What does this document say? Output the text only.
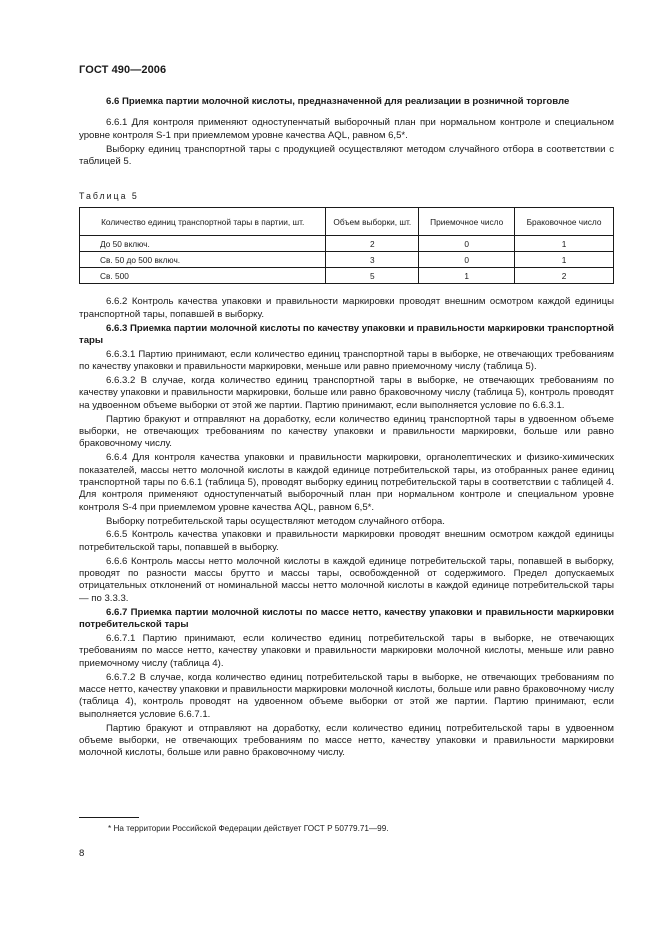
ГОСТ 490—2006

6.6 Приемка партии молочной кислоты, предназначенной для реализации в розничной торговле

6.6.1 Для контроля применяют одноступенчатый выборочный план при нормальном контроле и специальном уровне контроля S-1 при приемлемом уровне качества AQL, равном 6,5*.

Выборку единиц транспортной тары с продукцией осуществляют методом случайного отбора в соответствии с таблицей 5.

Таблица 5
Количество единиц транспортной тары в партии, шт.	Объем выборки, шт.	Приемочное число	Браковочное число
До 50 включ.	2	0	1
Св. 50 до 500 включ.	3	0	1
Св. 500	5	1	2

6.6.2 Контроль качества упаковки и правильности маркировки проводят внешним осмотром каждой единицы транспортной тары, попавшей в выборку.

6.6.3 Приемка партии молочной кислоты по качеству упаковки и правильности маркировки транспортной тары

6.6.3.1 Партию принимают, если количество единиц транспортной тары в выборке, не отвечающих требованиям по качеству упаковки и правильности маркировки, меньше или равно приемочному числу (таблица 5).

6.6.3.2 В случае, когда количество единиц транспортной тары в выборке, не отвечающих требованиям по качеству упаковки и правильности маркировки, больше или равно браковочному числу (таблица 5), контроль проводят на удвоенном объеме выборки от этой же партии. Партию принимают, если выполняется условие по 6.6.3.1.

Партию бракуют и отправляют на доработку, если количество единиц транспортной тары в удвоенном объеме выборки, не отвечающих требованиям по качеству упаковки и правильности маркировки, больше или равно браковочному числу.

6.6.4 Для контроля качества упаковки и правильности маркировки, органолептических и физико-химических показателей, массы нетто молочной кислоты в каждой единице потребительской тары, из отобранных ранее единиц транспортной тары по 6.6.1 (таблица 5), проводят выборку единиц потребительской тары в соответствии с таблицей 4. Для контроля применяют одноступенчатый выборочный план при нормальном контроле и специальном уровне контроля S-4 при приемлемом уровне качества AQL, равном 6,5*.

Выборку потребительской тары осуществляют методом случайного отбора.

6.6.5 Контроль качества упаковки и правильности маркировки проводят внешним осмотром каждой единицы потребительской тары, попавшей в выборку.

6.6.6 Контроль массы нетто молочной кислоты в каждой единице потребительской тары, попавшей в выборку, проводят по разности массы брутто и массы тары, освобожденной от содержимого. Предел допускаемых отрицательных отклонений от номинальной массы нетто молочной кислоты в каждой единице потребительской тары — по 3.3.3.

6.6.7 Приемка партии молочной кислоты по массе нетто, качеству упаковки и правильности маркировки потребительской тары

6.6.7.1 Партию принимают, если количество единиц потребительской тары в выборке, не отвечающих требованиям по массе нетто, качеству упаковки и правильности маркировки молочной кислоты, меньше или равно приемочному числу (таблица 4).

6.6.7.2 В случае, когда количество единиц потребительской тары в выборке, не отвечающих требованиям по массе нетто, качеству упаковки и правильности маркировки молочной кислоты, больше или равно браковочному числу (таблица 4), контроль проводят на удвоенном объеме выборки от этой же партии. Партию принимают, если выполняется условие 6.6.7.1.

Партию бракуют и отправляют на доработку, если количество единиц потребительской тары в удвоенном объеме выборки, не отвечающих требованиям по массе нетто, качеству упаковки и правильности маркировки молочной кислоты, больше или равно браковочному числу.

* На территории Российской Федерации действует ГОСТ Р 50779.71—99.
8
